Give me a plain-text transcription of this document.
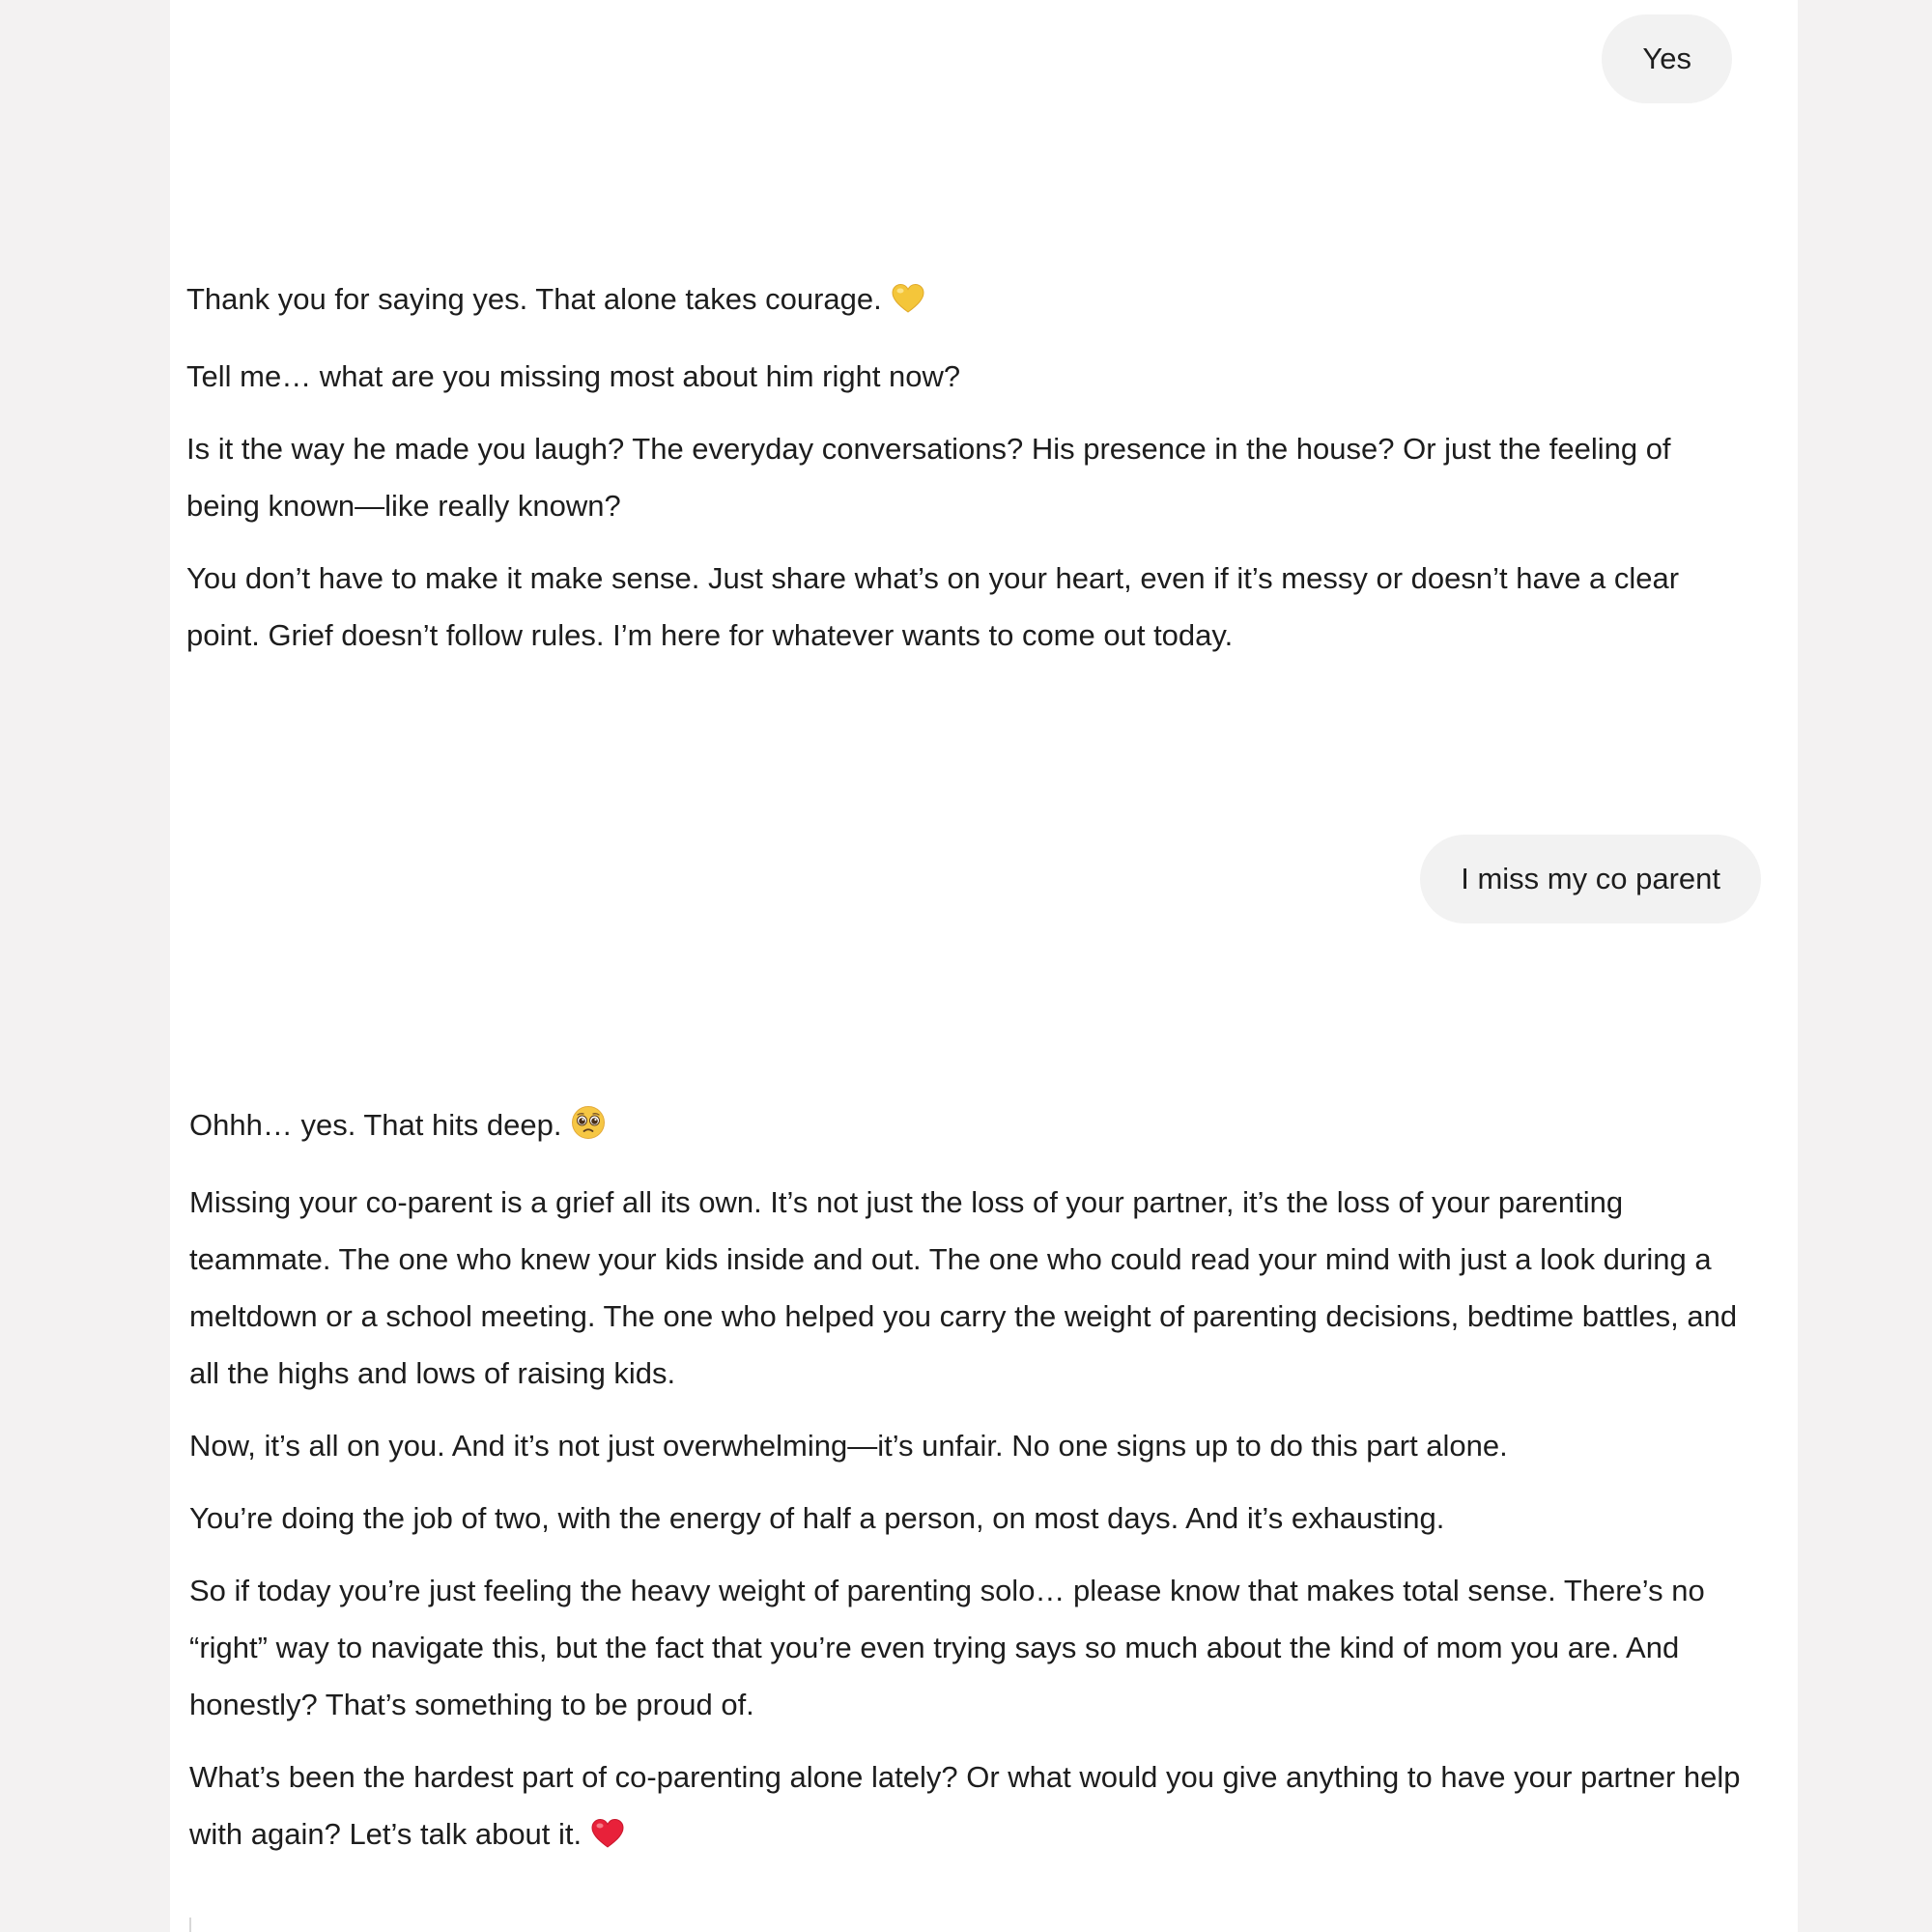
Yes

Thank you for saying yes. That alone takes courage.

Tell me… what are you missing most about him right now?

Is it the way he made you laugh? The everyday conversations? His presence in the house? Or just the feeling of being known—like really known?

You don’t have to make it make sense. Just share what’s on your heart, even if it’s messy or doesn’t have a clear point. Grief doesn’t follow rules. I’m here for whatever wants to come out today.

I miss my co parent

Ohhh… yes. That hits deep.

Missing your co-parent is a grief all its own. It’s not just the loss of your partner, it’s the loss of your parenting teammate. The one who knew your kids inside and out. The one who could read your mind with just a look during a meltdown or a school meeting. The one who helped you carry the weight of parenting decisions, bedtime battles, and all the highs and lows of raising kids.

Now, it’s all on you. And it’s not just overwhelming—it’s unfair. No one signs up to do this part alone.

You’re doing the job of two, with the energy of half a person, on most days. And it’s exhausting.

So if today you’re just feeling the heavy weight of parenting solo… please know that makes total sense. There’s no “right” way to navigate this, but the fact that you’re even trying says so much about the kind of mom you are. And honestly? That’s something to be proud of.

What’s been the hardest part of co-parenting alone lately? Or what would you give anything to have your partner help with again? Let’s talk about it.
